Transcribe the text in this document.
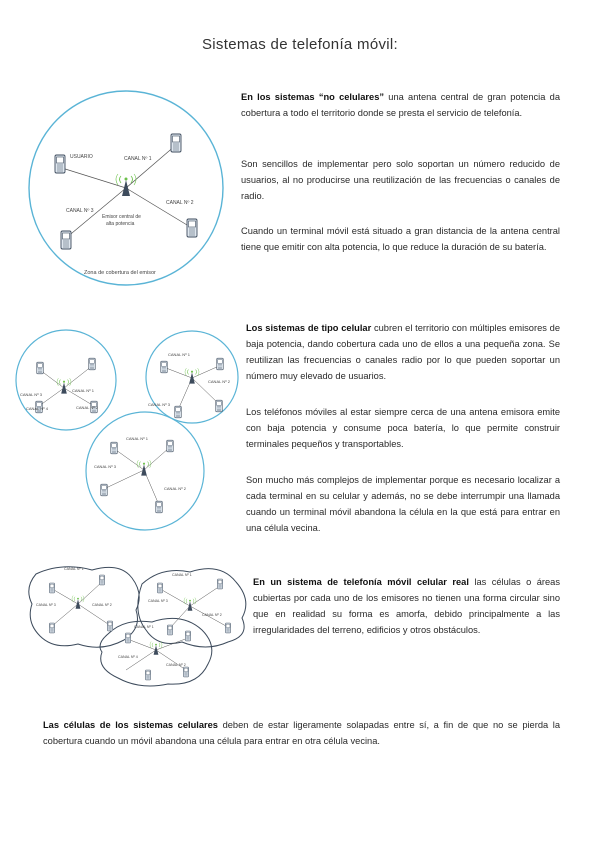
Sistemas de telefonía móvil:
USUARIO	CANAL Nº 1
CANAL Nº 2
CANAL Nº 3
Emisor central de
alta potencia
Zona de cobertura del emisor
En los sistemas “no celulares” una antena central de gran potencia da cobertura a todo el territorio donde se presta el servicio de telefonía.
Son sencillos de implementar pero solo soportan un número reducido de usuarios, al no producirse una reutilización de las frecuencias o canales de radio.
Cuando un terminal móvil está situado a gran distancia de la antena central tiene que emitir con alta potencia, lo que reduce la duración de su batería.
CANAL Nº 3
CANAL Nº 1
CANAL Nº 2
CANAL Nº 4
CANAL Nº 1
CANAL Nº 2
CANAL Nº 3
CANAL Nº 1
CANAL Nº 3
CANAL Nº 2
Los sistemas de tipo celular cubren el territorio con múltiples emisores de baja potencia, dando cobertura cada uno de ellos a una pequeña zona. Se reutilizan las frecuencias o canales radio por lo que pueden soportar un número muy elevado de usuarios.
Los teléfonos móviles al estar siempre cerca de una antena emisora emite con baja potencia y consume poca batería, lo que permite construir terminales pequeños y transportables.
Son mucho más complejos de implementar porque es necesario localizar a cada terminal en su celular y además, no se debe interrumpir una llamada cuando un terminal móvil abandona la célula en la que está para entrar en una célula vecina.
CANAL Nº 1
CANAL Nº 3	CANAL Nº 2
CANAL Nº 1
CANAL Nº 3
CANAL Nº 2
CANAL Nº 1
CANAL Nº 4
CANAL Nº 2
En un sistema de telefonía móvil celular real las células o áreas cubiertas por cada uno de los emisores no tienen una forma circular sino que en realidad su forma es amorfa, debido principalmente a las irregularidades del terreno, edificios y otros obstáculos.
Las células de los sistemas celulares deben de estar ligeramente solapadas entre sí, a fin de que no se pierda la cobertura cuando un móvil abandona una célula para entrar en otra célula vecina.
